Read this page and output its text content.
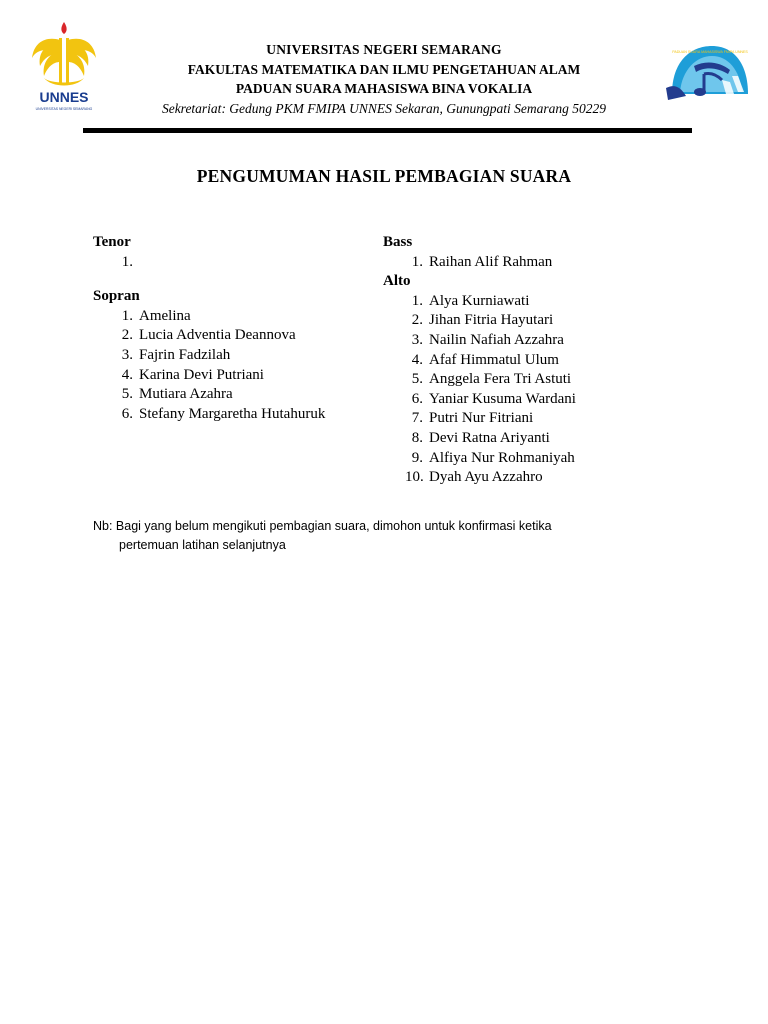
UNNES
UNIVERSITAS NEGERI SEMARANG
UNIVERSITAS NEGERI SEMARANG
FAKULTAS MATEMATIKA DAN ILMU PENGETAHUAN ALAM
PADUAN SUARA MAHASISWA BINA VOKALIA
Sekretariat: Gedung PKM FMIPA UNNES Sekaran, Gunungpati Semarang 50229
PADUAN SUARA MAHASISWA FMIPA UNNES
PENGUMUMAN HASIL PEMBAGIAN SUARA
Tenor
1.
Sopran
1. Amelina
2. Lucia Adventia Deannova
3. Fajrin Fadzilah
4. Karina Devi Putriani
5. Mutiara Azahra
6. Stefany Margaretha Hutahuruk
Bass
1. Raihan Alif Rahman
Alto
1. Alya Kurniawati
2. Jihan Fitria Hayutari
3. Nailin Nafiah Azzahra
4. Afaf Himmatul Ulum
5. Anggela Fera Tri Astuti
6. Yaniar Kusuma Wardani
7. Putri Nur Fitriani
8. Devi Ratna Ariyanti
9. Alfiya Nur Rohmaniyah
10. Dyah Ayu Azzahro
Nb: Bagi yang belum mengikuti pembagian suara, dimohon untuk konfirmasi ketika
pertemuan latihan selanjutnya
